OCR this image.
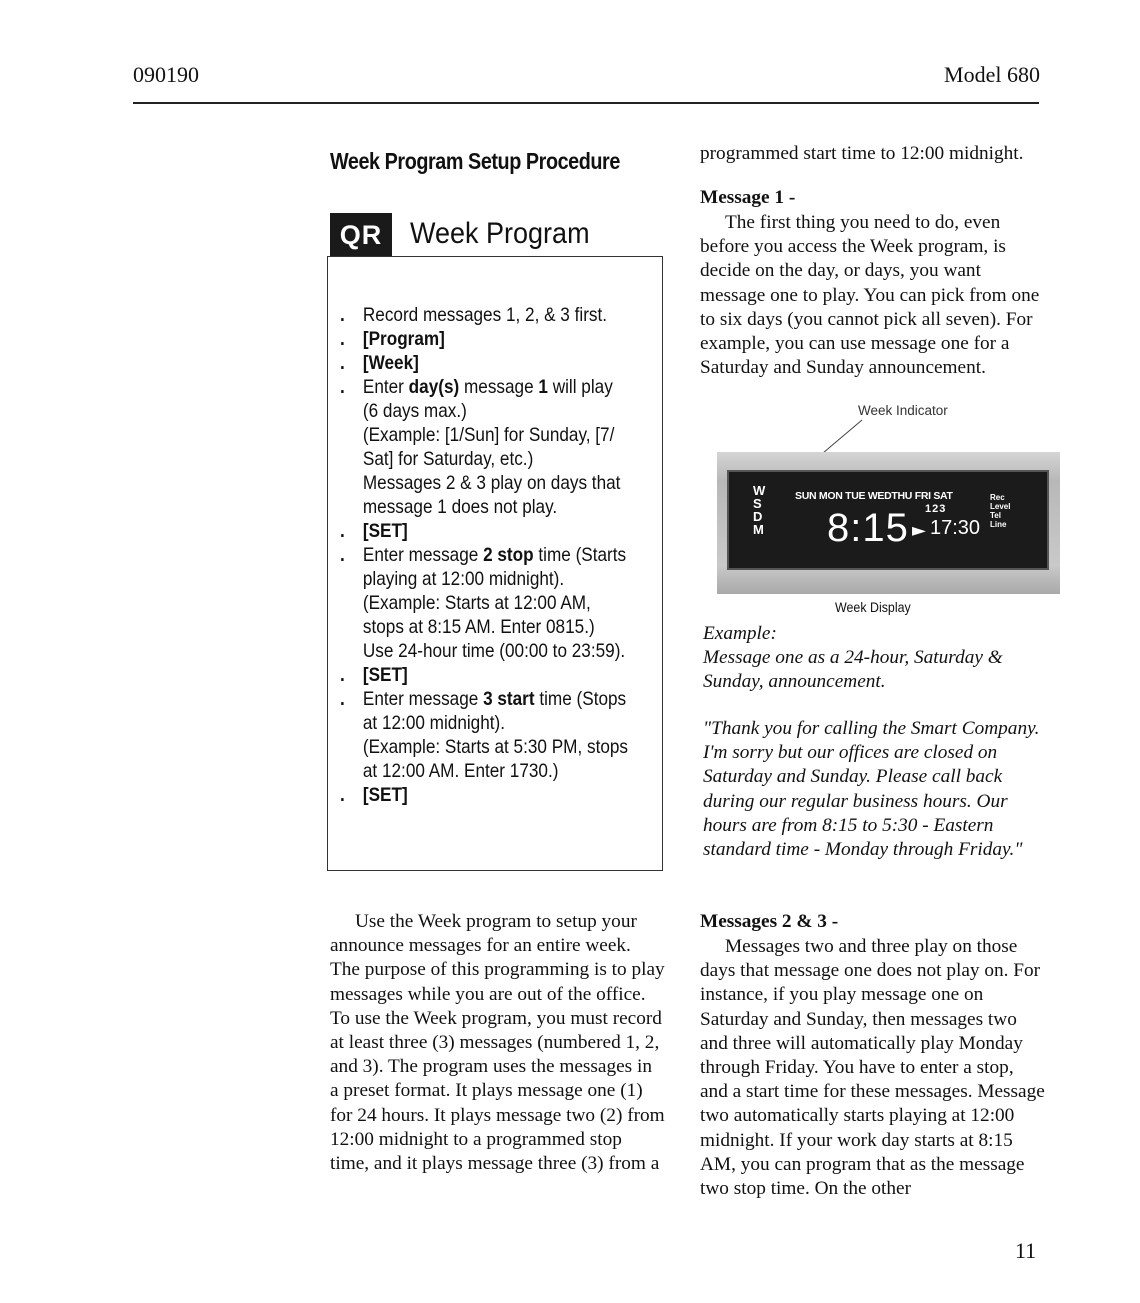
090190	Model 680
Week Program Setup Procedure
QR Week Program
. Record messages 1, 2, & 3 first.
. [Program]
. [Week]
. Enter day(s) message 1 will play
(6 days max.)
(Example: [1/Sun] for Sunday, [7/
Sat] for Saturday, etc.)
Messages 2 & 3 play on days that
message 1 does not play.
. [SET]
. Enter message 2 stop time (Starts
playing at 12:00 midnight).
(Example: Starts at 12:00 AM,
stops at 8:15 AM. Enter 0815.)
Use 24-hour time (00:00 to 23:59).
. [SET]
. Enter message 3 start time (Stops
at 12:00 midnight).
(Example: Starts at 5:30 PM, stops
at 12:00 AM. Enter 1730.)
. [SET]
Use the Week program to setup your announce messages for an entire week. The purpose of this programming is to play messages while you are out of the office. To use the Week program, you must record at least three (3) messages (numbered 1, 2, and 3). The program uses the messages in a preset format. It plays message one (1) for 24 hours. It plays message two (2) from 12:00 midnight to a programmed stop time, and it plays message three (3) from a
programmed start time to 12:00 midnight.
Message 1 -
The first thing you need to do, even before you access the Week program, is decide on the day, or days, you want message one to play. You can pick from one to six days (you cannot pick all seven). For example, you can use message one for a Saturday and Sunday announcement.
Week Indicator
W
S
D
M
SUN MON TUE WEDTHU FRI SAT
123
8:15 ► 17:30
Rec
Level
Tel
Line
Week Display
Example:
Message one as a 24-hour, Saturday & Sunday, announcement.
"Thank you for calling the Smart Company. I'm sorry but our offices are closed on Saturday and Sunday. Please call back during our regular business hours. Our hours are from 8:15 to 5:30 - Eastern standard time - Monday through Friday."
Messages 2 & 3 -
Messages two and three play on those days that message one does not play on. For instance, if you play message one on Saturday and Sunday, then messages two and three will automatically play Monday through Friday. You have to enter a stop, and a start time for these messages. Message two automatically starts playing at 12:00 midnight. If your work day starts at 8:15 AM, you can program that as the message two stop time. On the other
11
